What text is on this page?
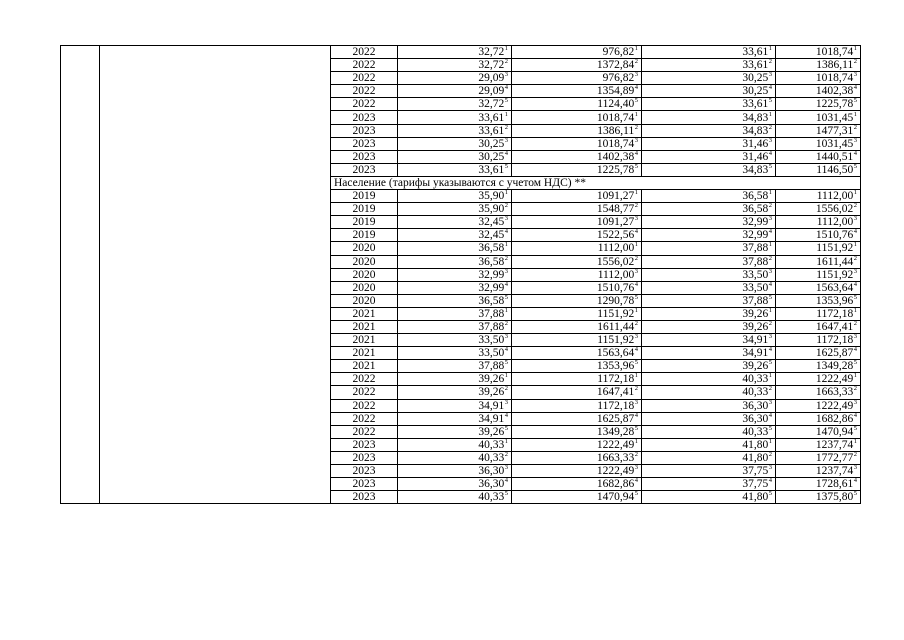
		2022	32,72$^1$	976,82$^1$	33,61$^1$	1018,74$^1$
		2022	32,72$^2$	1372,84$^2$	33,61$^2$	1386,11$^2$
		2022	29,09$^3$	976,82$^3$	30,25$^3$	1018,74$^3$
		2022	29,09$^4$	1354,89$^4$	30,25$^4$	1402,38$^4$
		2022	32,72$^5$	1124,40$^5$	33,61$^5$	1225,78$^5$
		2023	33,61$^1$	1018,74$^1$	34,83$^1$	1031,45$^1$
		2023	33,61$^2$	1386,11$^2$	34,83$^2$	1477,31$^2$
		2023	30,25$^3$	1018,74$^3$	31,46$^3$	1031,45$^3$
		2023	30,25$^4$	1402,38$^4$	31,46$^4$	1440,51$^4$
		2023	33,61$^5$	1225,78$^5$	34,83$^5$	1146,50$^5$
		Население (тарифы указываются с учетом НДС) **				
		2019	35,90$^1$	1091,27$^1$	36,58$^1$	1112,00$^1$
		2019	35,90$^2$	1548,77$^2$	36,58$^2$	1556,02$^2$
		2019	32,45$^3$	1091,27$^3$	32,99$^3$	1112,00$^3$
		2019	32,45$^4$	1522,56$^4$	32,99$^4$	1510,76$^4$
		2020	36,58$^1$	1112,00$^1$	37,88$^1$	1151,92$^1$
		2020	36,58$^2$	1556,02$^2$	37,88$^2$	1611,44$^2$
		2020	32,99$^3$	1112,00$^3$	33,50$^3$	1151,92$^3$
		2020	32,99$^4$	1510,76$^4$	33,50$^4$	1563,64$^4$
		2020	36,58$^5$	1290,78$^5$	37,88$^5$	1353,96$^5$
		2021	37,88$^1$	1151,92$^1$	39,26$^1$	1172,18$^1$
		2021	37,88$^2$	1611,44$^2$	39,26$^2$	1647,41$^2$
		2021	33,50$^3$	1151,92$^3$	34,91$^3$	1172,18$^3$
		2021	33,50$^4$	1563,64$^4$	34,91$^4$	1625,87$^4$
		2021	37,88$^5$	1353,96$^5$	39,26$^5$	1349,28$^5$
		2022	39,26$^1$	1172,18$^1$	40,33$^1$	1222,49$^1$
		2022	39,26$^2$	1647,41$^2$	40,33$^2$	1663,33$^2$
		2022	34,91$^3$	1172,18$^3$	36,30$^3$	1222,49$^3$
		2022	34,91$^4$	1625,87$^4$	36,30$^4$	1682,86$^4$
		2022	39,26$^5$	1349,28$^5$	40,33$^5$	1470,94$^5$
		2023	40,33$^1$	1222,49$^1$	41,80$^1$	1237,74$^1$
		2023	40,33$^2$	1663,33$^2$	41,80$^2$	1772,77$^2$
		2023	36,30$^3$	1222,49$^3$	37,75$^3$	1237,74$^3$
		2023	36,30$^4$	1682,86$^4$	37,75$^4$	1728,61$^4$
		2023	40,33$^5$	1470,94$^5$	41,80$^5$	1375,80$^5$
